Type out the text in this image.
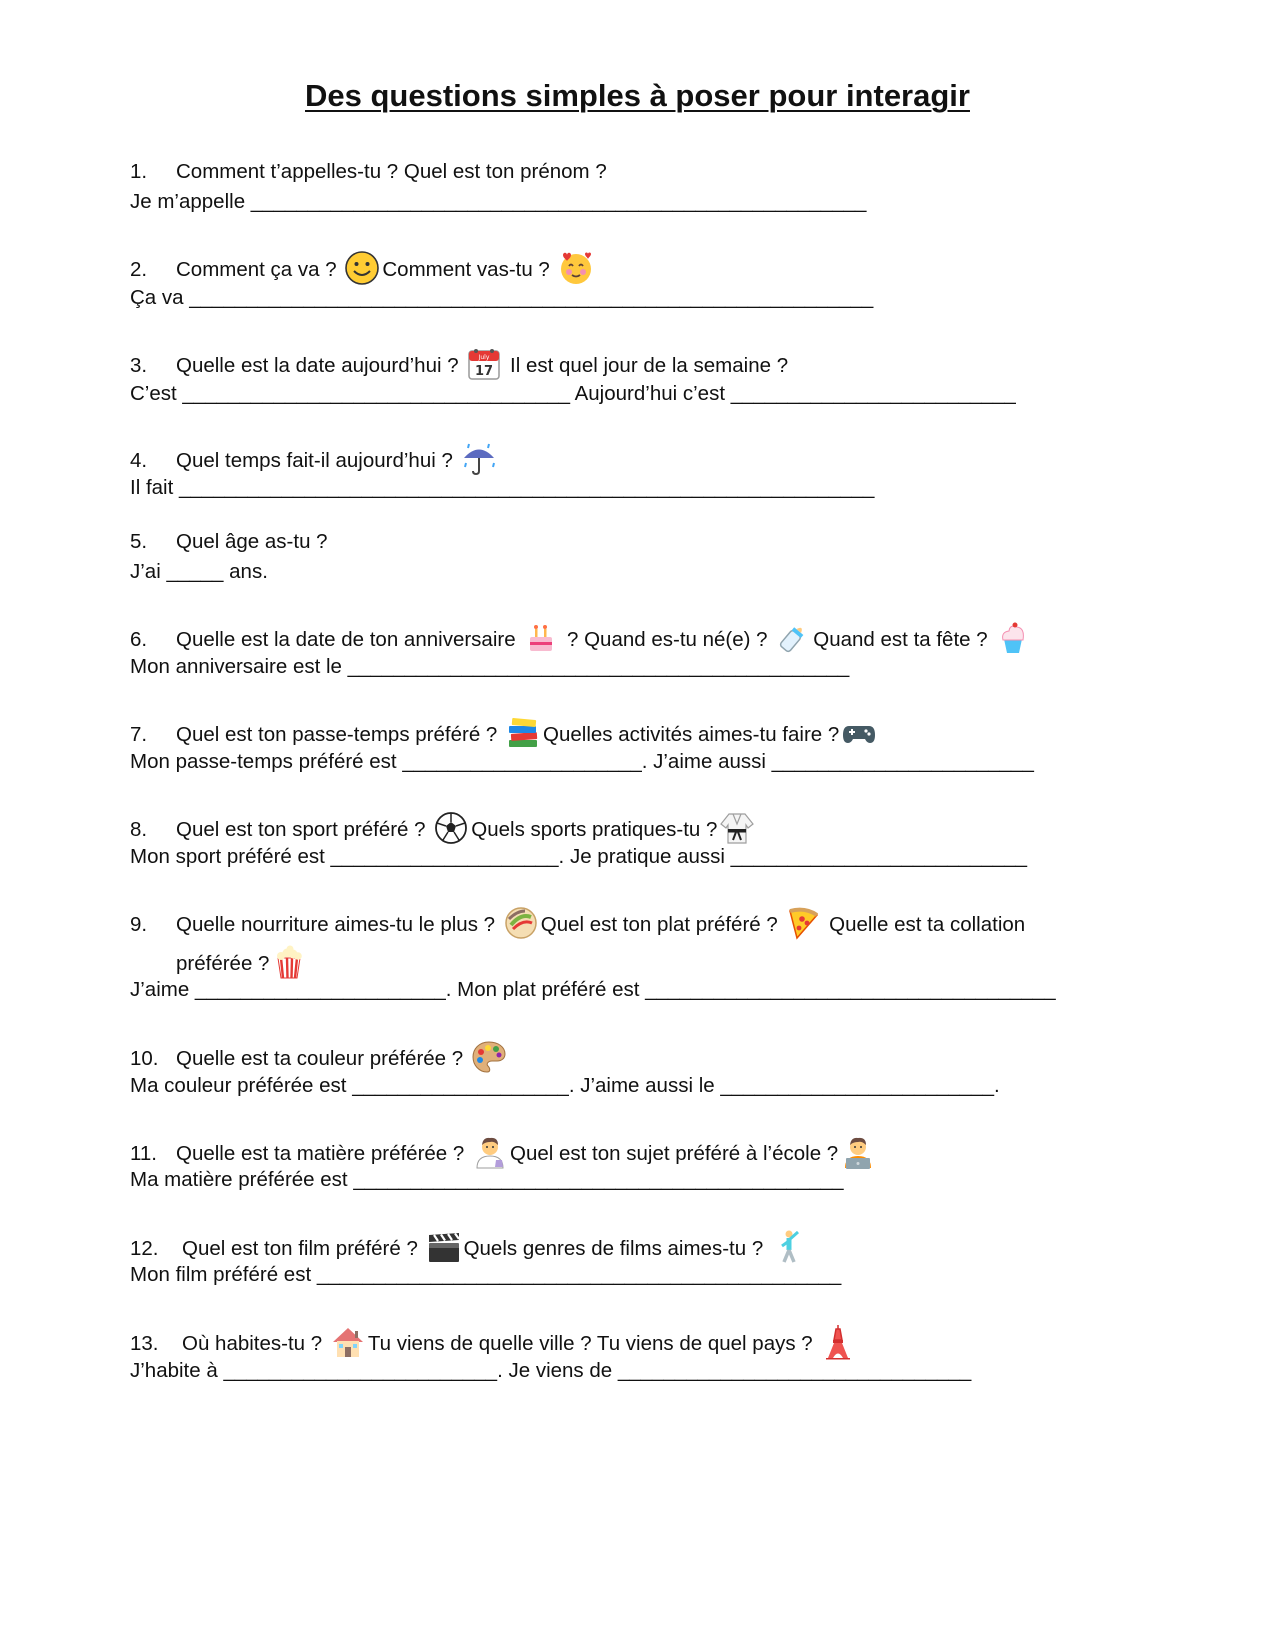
Des questions simples à poser pour interagir
1. Comment t’appelles-tu ? Quel est ton prénom ?
Je m’appelle ______________________________________________________
2. Comment ça va ? Comment vas-tu ?
Ça va ____________________________________________________________
3. Quelle est la date aujourd’hui ?	July
17 Il est quel jour de la semaine ?
C’est __________________________________ Aujourd’hui c’est _________________________
4. Quel temps fait-il aujourd’hui ?
Il fait _____________________________________________________________
5. Quel âge as-tu ?
J’ai _____ ans.
6. Quelle est la date de ton anniversaire
? Quand es-tu né(e) ? Quand est ta fête ?
Mon anniversaire est le ____________________________________________
7. Quel est ton passe-temps préféré ? Quelles activités aimes-tu faire ?
Mon passe-temps préféré est _____________________. J’aime aussi _______________________
8. Quel est ton sport préféré ? Quels sports pratiques-tu ?
Mon sport préféré est ____________________. Je pratique aussi __________________________
9. Quelle nourriture aimes-tu le plus ? Quel est ton plat préféré ?
Quelle est ta collation
préférée ?
J’aime ______________________. Mon plat préféré est ____________________________________
10. Quelle est ta couleur préférée ?
Ma couleur préférée est ___________________. J’aime aussi le ________________________.
11. Quelle est ta matière préférée ? Quel est ton sujet préféré à l’école ?
Ma matière préférée est ___________________________________________
12. Quel est ton film préféré ? Quels genres de films aimes-tu ?
Mon film préféré est ______________________________________________
13. Où habites-tu ? Tu viens de quelle ville ? Tu viens de quel pays ?
J’habite à ________________________. Je viens de _______________________________
